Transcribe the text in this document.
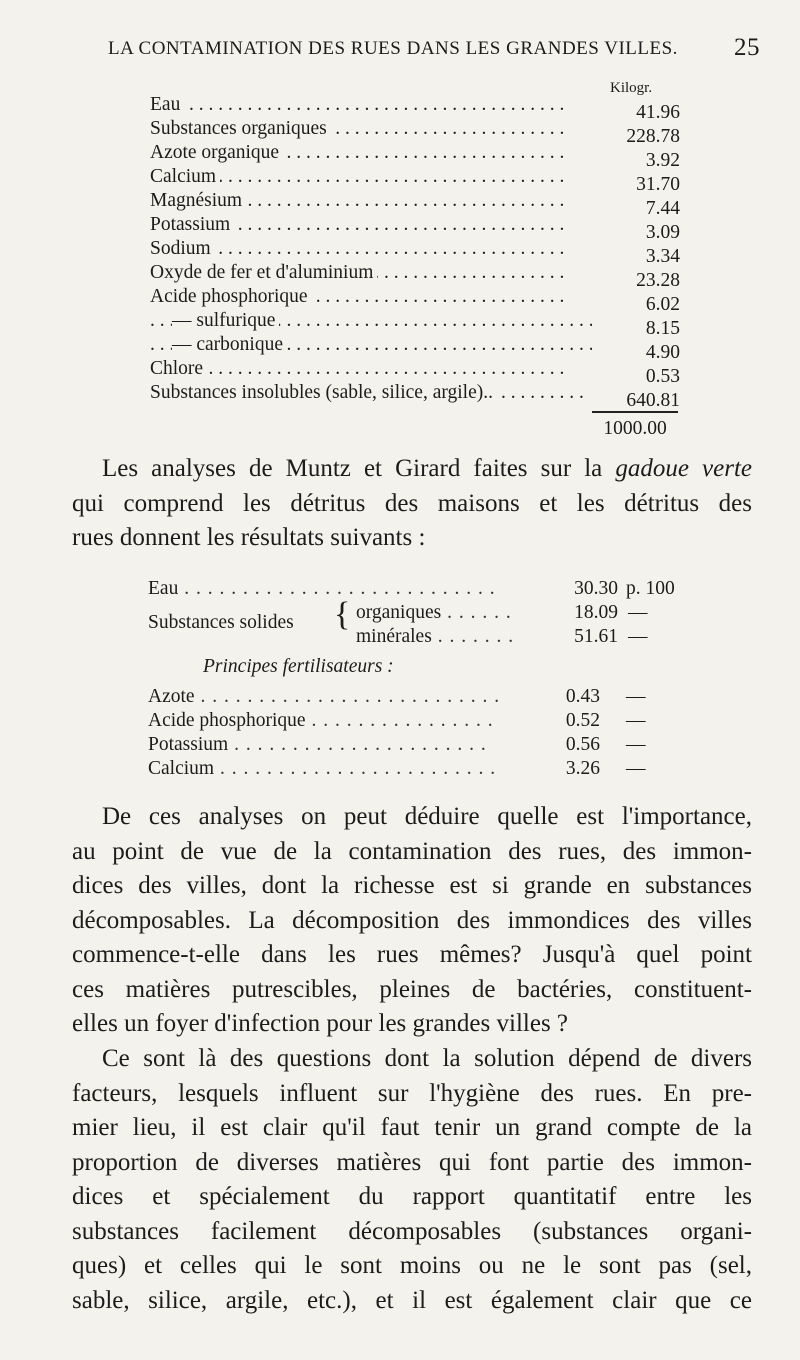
LA CONTAMINATION DES RUES DANS LES GRANDES VILLES. 25
Kilogr.
Eau . . .	41.96
Substances organiques . . .	228.78
Azote organique . . .	3.92
Calcium . . .	31.70
Magnésium . . .	7.44
Potassium . . .	3.09
Sodium . . .	3.34
Oxyde de fer et d'aluminium . . .	23.28
Acide phosphorique . . .	6.02
— sulfurique . . .	8.15
— carbonique . . .	4.90
Chlore . . .	0.53
Substances insolubles (sable, silice, argile).. . . .	640.81
1000.00
Les analyses de Muntz et Girard faites sur la gadoue verte
qui comprend les détritus des maisons et les détritus des
rues donnent les résultats suivants :
Eau . . . . . . . . . . . . . . . . . . . . . . . . . . .	30.30 p. 100
Substances solides { organiques . . . . . .	18.09 —
minérales . . . . . . .	51.61 —
Principes fertilisateurs :
Azote . . . . . . . . . . . . . . . . . . . . . . . . . .	0.43 —
Acide phosphorique . . . . . . . . . . . . . . . .	0.52 —
Potassium . . . . . . . . . . . . . . . . . . . . . .	0.56 —
Calcium . . . . . . . . . . . . . . . . . . . . . . . .	3.26 —
De ces analyses on peut déduire quelle est l'importance,
au point de vue de la contamination des rues, des immon-
dices des villes, dont la richesse est si grande en substances
décomposables. La décomposition des immondices des villes
commence-t-elle dans les rues mêmes? Jusqu'à quel point
ces matières putrescibles, pleines de bactéries, constituent-
elles un foyer d'infection pour les grandes villes ?
Ce sont là des questions dont la solution dépend de divers
facteurs, lesquels influent sur l'hygiène des rues. En pre-
mier lieu, il est clair qu'il faut tenir un grand compte de la
proportion de diverses matières qui font partie des immon-
dices et spécialement du rapport quantitatif entre les
substances facilement décomposables (substances organi-
ques) et celles qui le sont moins ou ne le sont pas (sel,
sable, silice, argile, etc.), et il est également clair que ce
